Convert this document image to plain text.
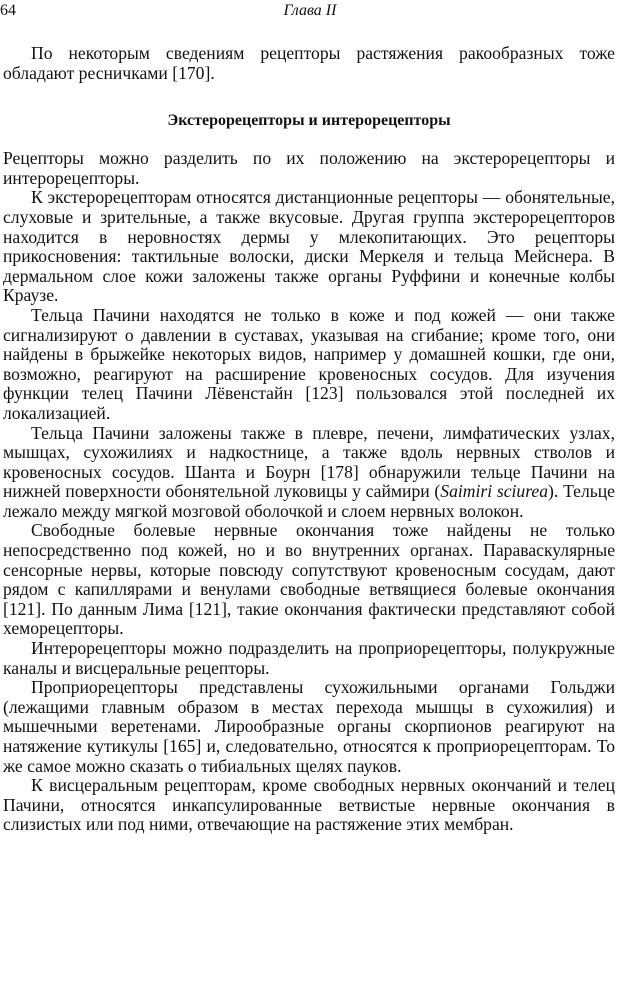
64	Глава II

По некоторым сведениям рецепторы растяжения ракообразных тоже обладают ресничками [170].

Экстерорецепторы и интерорецепторы

Рецепторы можно разделить по их положению на экстерорецепторы и интерорецепторы.

К экстерорецепторам относятся дистанционные рецепторы — обонятельные, слуховые и зрительные, а также вкусовые. Другая группа экстерорецепторов находится в неровностях дермы у млекопитающих. Это рецепторы прикосновения: тактильные волоски, диски Меркеля и тельца Мейснера. В дермальном слое кожи заложены также органы Руффини и конечные колбы Краузе.

Тельца Пачини находятся не только в коже и под кожей — они также сигнализируют о давлении в суставах, указывая на сгибание; кроме того, они найдены в брыжейке некоторых видов, например у домашней кошки, где они, возможно, реагируют на расширение кровеносных сосудов. Для изучения функции телец Пачини Лёвенстайн [123] пользовался этой последней их локализацией.

Тельца Пачини заложены также в плевре, печени, лимфатических узлах, мышцах, сухожилиях и надкостнице, а также вдоль нервных стволов и кровеносных сосудов. Шанта и Боурн [178] обнаружили тельце Пачини на нижней поверхности обонятельной луковицы у саймири (Saimiri sciurea). Тельце лежало между мягкой мозговой оболочкой и слоем нервных волокон.

Свободные болевые нервные окончания тоже найдены не только непосредственно под кожей, но и во внутренних органах. Параваскулярные сенсорные нервы, которые повсюду сопутствуют кровеносным сосудам, дают рядом с капиллярами и венулами свободные ветвящиеся болевые окончания [121]. По данным Лима [121], такие окончания фактически представляют собой хеморецепторы.

Интерорецепторы можно подразделить на проприорецепторы, полукружные каналы и висцеральные рецепторы.

Проприорецепторы представлены сухожильными органами Гольджи (лежащими главным образом в местах перехода мышцы в сухожилия) и мышечными веретенами. Лирообразные органы скорпионов реагируют на натяжение кутикулы [165] и, следовательно, относятся к проприорецепторам. То же самое можно сказать о тибиальных щелях пауков.

К висцеральным рецепторам, кроме свободных нервных окончаний и телец Пачини, относятся инкапсулированные ветвистые нервные окончания в слизистых или под ними, отвечающие на растяжение этих мембран.
